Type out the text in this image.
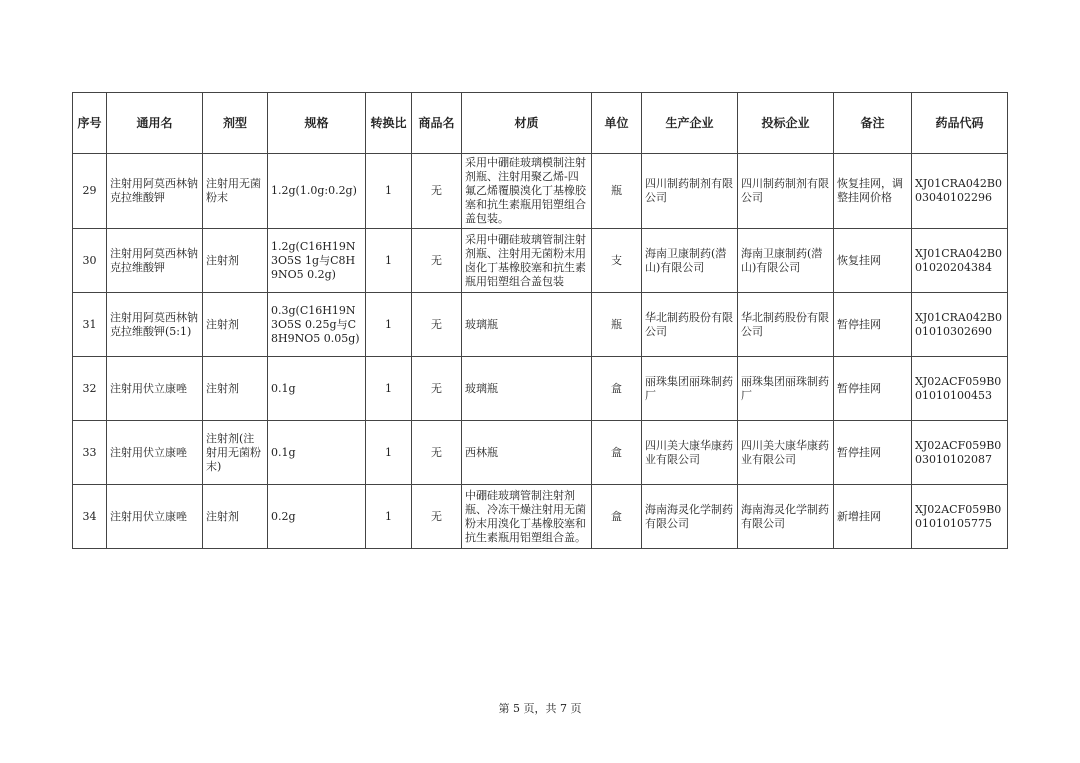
序号	通用名	剂型	规格	转换比	商品名	材质	单位	生产企业	投标企业	备注	药品代码
29	注射用阿莫西林钠克拉维酸钾	注射用无菌粉末	1.2g(1.0g:0.2g)	1	无	采用中硼硅玻璃模制注射剂瓶、注射用聚乙烯-四氟乙烯覆膜溴化丁基橡胶塞和抗生素瓶用铝塑组合盖包装。	瓶	四川制药制剂有限公司	四川制药制剂有限公司	恢复挂网，调整挂网价格	XJ01CRA042B003040102296
30	注射用阿莫西林钠克拉维酸钾	注射剂	1.2g(C16H19N3O5S 1g与C8H9NO5 0.2g)	1	无	采用中硼硅玻璃管制注射剂瓶、注射用无菌粉末用卤化丁基橡胶塞和抗生素瓶用铝塑组合盖包装	支	海南卫康制药(潜山)有限公司	海南卫康制药(潜山)有限公司	恢复挂网	XJ01CRA042B001020204384
31	注射用阿莫西林钠克拉维酸钾(5:1)	注射剂	0.3g(C16H19N3O5S 0.25g与C8H9NO5 0.05g)	1	无	玻璃瓶	瓶	华北制药股份有限公司	华北制药股份有限公司	暂停挂网	XJ01CRA042B001010302690
32	注射用伏立康唑	注射剂	0.1g	1	无	玻璃瓶	盒	丽珠集团丽珠制药厂	丽珠集团丽珠制药厂	暂停挂网	XJ02ACF059B001010100453
33	注射用伏立康唑	注射剂(注射用无菌粉末)	0.1g	1	无	西林瓶	盒	四川美大康华康药业有限公司	四川美大康华康药业有限公司	暂停挂网	XJ02ACF059B003010102087
34	注射用伏立康唑	注射剂	0.2g	1	无	中硼硅玻璃管制注射剂瓶、冷冻干燥注射用无菌粉末用溴化丁基橡胶塞和抗生素瓶用铝塑组合盖。	盒	海南海灵化学制药有限公司	海南海灵化学制药有限公司	新增挂网	XJ02ACF059B001010105775
第 5 页，共 7 页
